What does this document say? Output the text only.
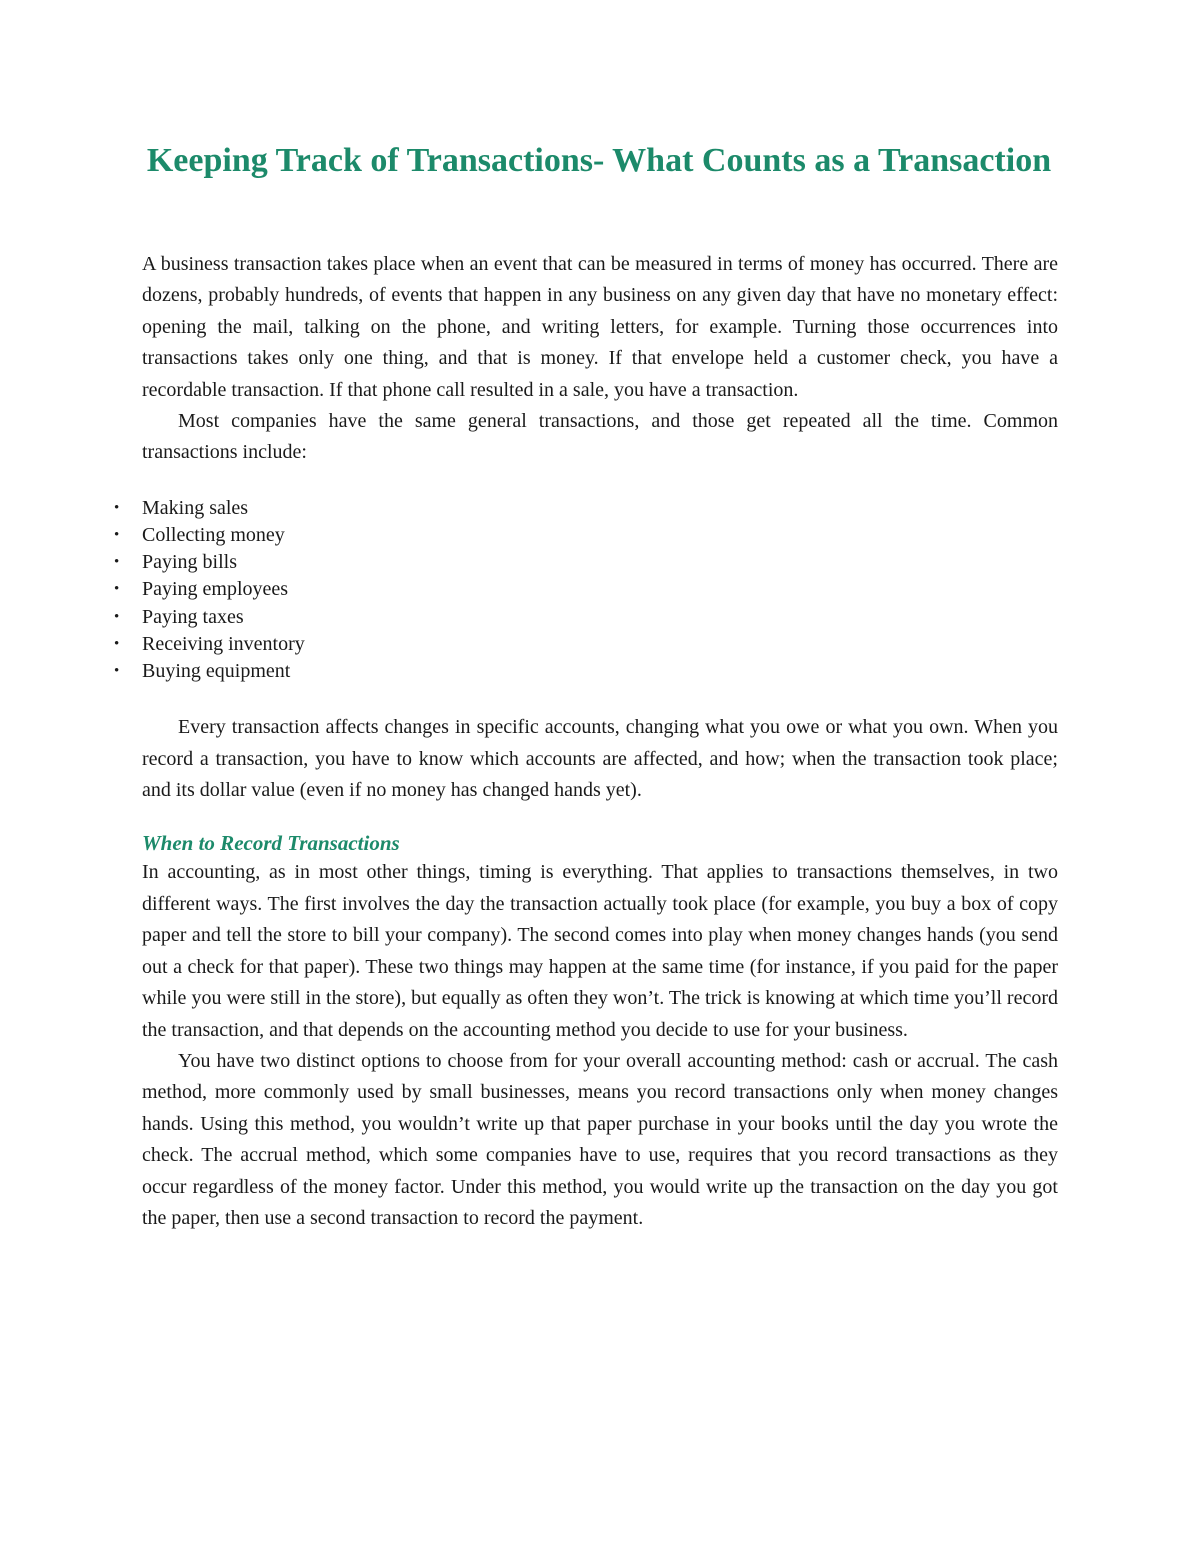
Keeping Track of Transactions- What Counts as a Transaction

A business transaction takes place when an event that can be measured in terms of money has occurred. There are dozens, probably hundreds, of events that happen in any business on any given day that have no monetary effect: opening the mail, talking on the phone, and writing letters, for example. Turning those occurrences into transactions takes only one thing, and that is money. If that envelope held a customer check, you have a recordable transaction. If that phone call resulted in a sale, you have a transaction.

Most companies have the same general transactions, and those get repeated all the time. Common transactions include:

• Making sales
• Collecting money
• Paying bills
• Paying employees
• Paying taxes
• Receiving inventory
• Buying equipment

Every transaction affects changes in specific accounts, changing what you owe or what you own. When you record a transaction, you have to know which accounts are affected, and how; when the transaction took place; and its dollar value (even if no money has changed hands yet).

When to Record Transactions

In accounting, as in most other things, timing is everything. That applies to transactions themselves, in two different ways. The first involves the day the transaction actually took place (for example, you buy a box of copy paper and tell the store to bill your company). The second comes into play when money changes hands (you send out a check for that paper). These two things may happen at the same time (for instance, if you paid for the paper while you were still in the store), but equally as often they won’t. The trick is knowing at which time you’ll record the transaction, and that depends on the accounting method you decide to use for your business.

You have two distinct options to choose from for your overall accounting method: cash or accrual. The cash method, more commonly used by small businesses, means you record transactions only when money changes hands. Using this method, you wouldn’t write up that paper purchase in your books until the day you wrote the check. The accrual method, which some companies have to use, requires that you record transactions as they occur regardless of the money factor. Under this method, you would write up the transaction on the day you got the paper, then use a second transaction to record the payment.
